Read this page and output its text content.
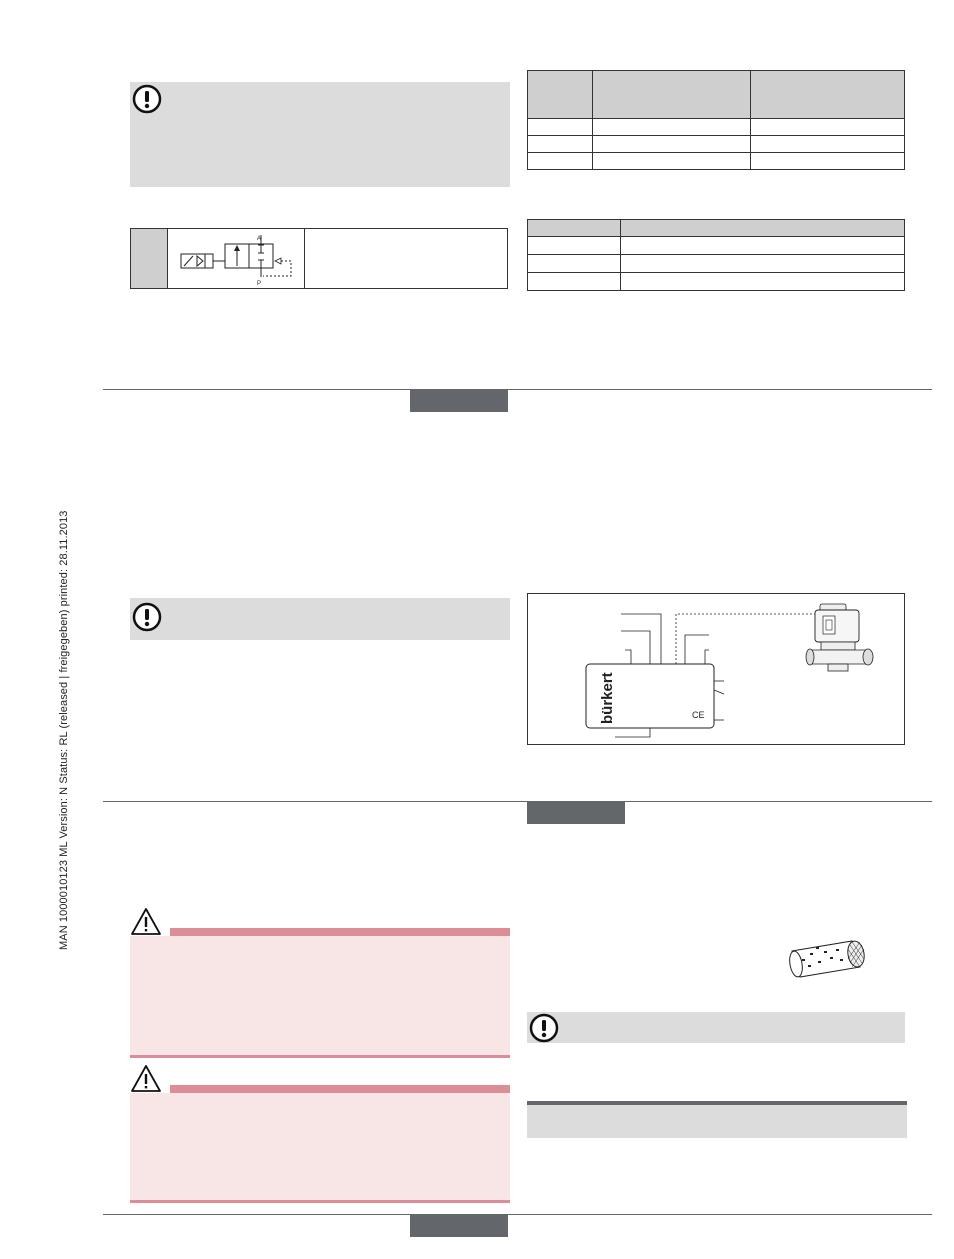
MAN 1000010123 ML Version: N Status: RL (released | freigegeben) printed: 28.11.2013
A
P

bürkert	CE
